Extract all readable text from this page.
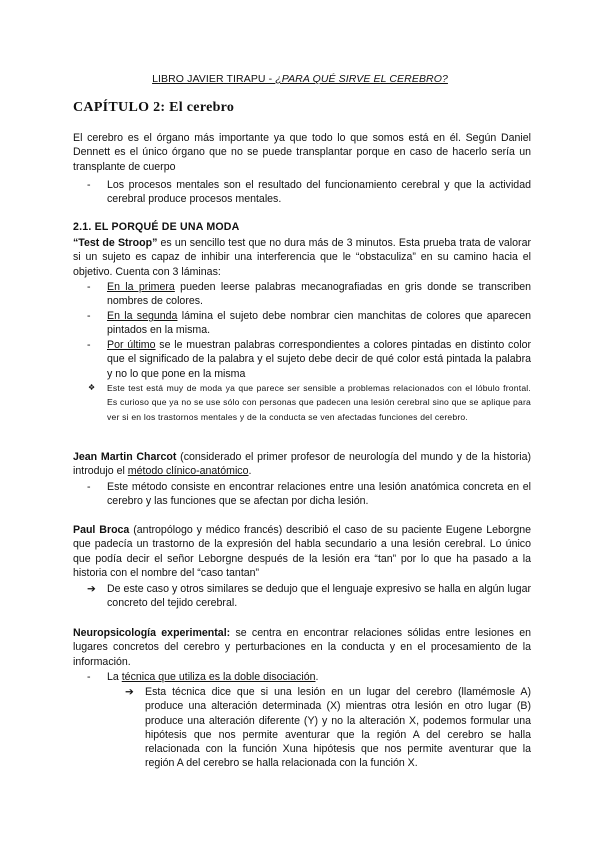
LIBRO JAVIER TIRAPU - ¿PARA QUÉ SIRVE EL CEREBRO?
CAPÍTULO 2: El cerebro
El cerebro es el órgano más importante ya que todo lo que somos está en él. Según Daniel Dennett es el único órgano que no se puede transplantar porque en caso de hacerlo sería un transplante de cuerpo
- Los procesos mentales son el resultado del funcionamiento cerebral y que la actividad cerebral produce procesos mentales.
2.1. EL PORQUÉ DE UNA MODA
“Test de Stroop” es un sencillo test que no dura más de 3 minutos. Esta prueba trata de valorar si un sujeto es capaz de inhibir una interferencia que le “obstaculiza” en su camino hacia el objetivo. Cuenta con 3 láminas:
- En la primera pueden leerse palabras mecanografiadas en gris donde se transcriben nombres de colores.
- En la segunda lámina el sujeto debe nombrar cien manchitas de colores que aparecen pintados en la misma.
- Por último se le muestran palabras correspondientes a colores pintadas en distinto color que el significado de la palabra y el sujeto debe decir de qué color está pintada la palabra y no lo que pone en la misma
❖ Este test está muy de moda ya que parece ser sensible a problemas relacionados con el lóbulo frontal. Es curioso que ya no se use sólo con personas que padecen una lesión cerebral sino que se aplique para ver si en los trastornos mentales y de la conducta se ven afectadas funciones del cerebro.
Jean Martin Charcot (considerado el primer profesor de neurología del mundo y de la historia) introdujo el método clínico-anatómico.
- Este método consiste en encontrar relaciones entre una lesión anatómica concreta en el cerebro y las funciones que se afectan por dicha lesión.
Paul Broca (antropólogo y médico francés) describió el caso de su paciente Eugene Leborgne que padecía un trastorno de la expresión del habla secundario a una lesión cerebral. Lo único que podía decir el señor Leborgne después de la lesión era “tan” por lo que ha pasado a la historia con el nombre del “caso tantan”
➔ De este caso y otros similares se dedujo que el lenguaje expresivo se halla en algún lugar concreto del tejido cerebral.
Neuropsicología experimental: se centra en encontrar relaciones sólidas entre lesiones en lugares concretos del cerebro y perturbaciones en la conducta y en el procesamiento de la información.
- La técnica que utiliza es la doble disociación.
➔ Esta técnica dice que si una lesión en un lugar del cerebro (llamémosle A) produce una alteración determinada (X) mientras otra lesión en otro lugar (B) produce una alteración diferente (Y) y no la alteración X, podemos formular una hipótesis que nos permite aventurar que la región A del cerebro se halla relacionada con la función Xuna hipótesis que nos permite aventurar que la región A del cerebro se halla relacionada con la función X.
